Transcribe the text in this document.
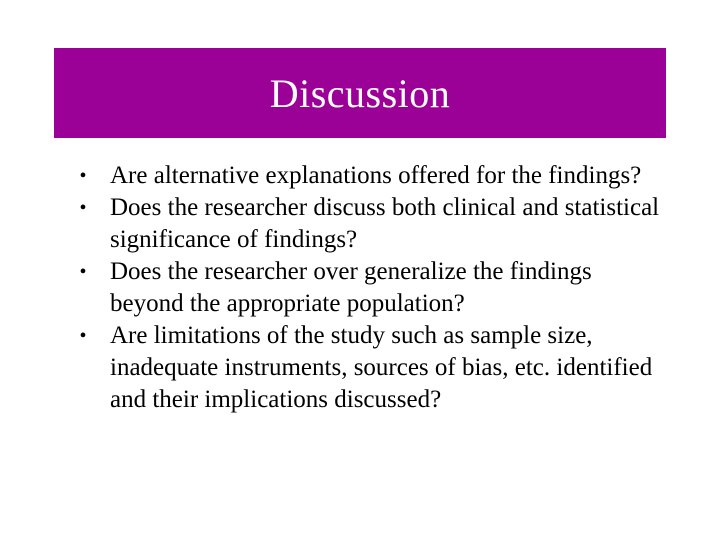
Discussion
• Are alternative explanations offered for the findings?
• Does the researcher discuss both clinical and statistical significance of findings?
• Does the researcher over generalize the findings beyond the appropriate population?
• Are limitations of the study such as sample size, inadequate instruments, sources of bias, etc. identified and their implications discussed?
